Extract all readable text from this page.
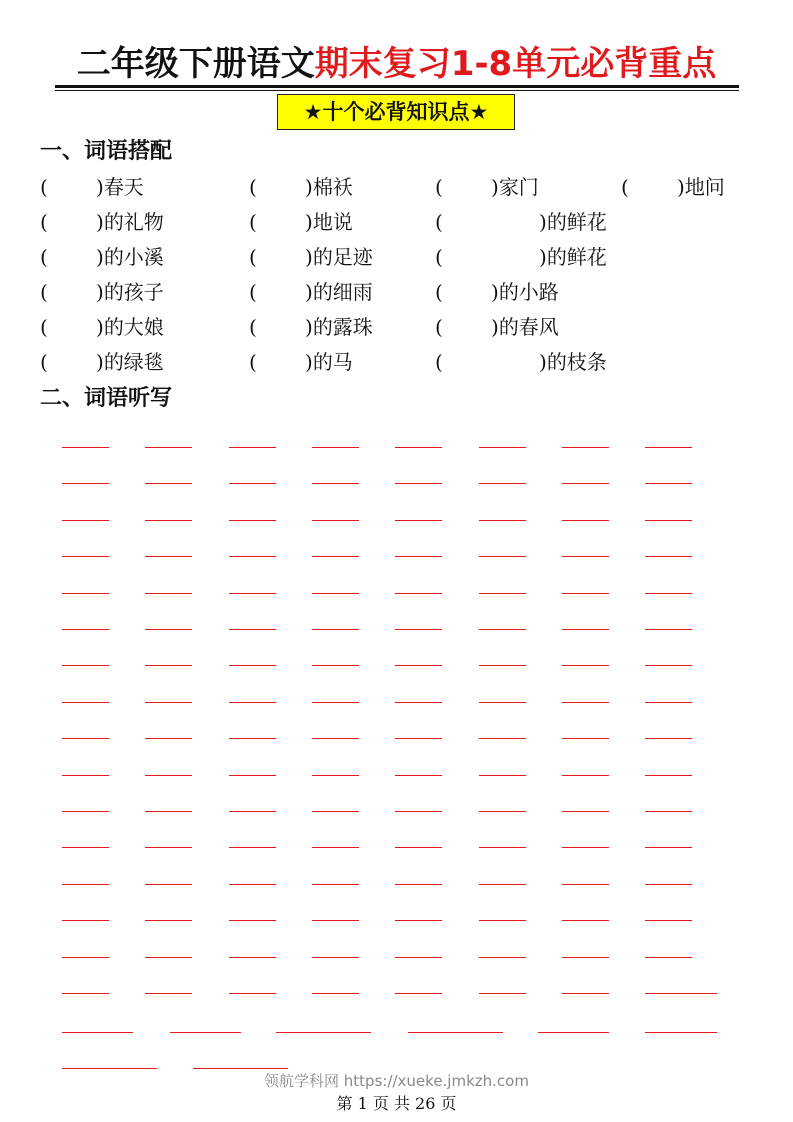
二年级下册语文期末复习1-8单元必背重点
★十个必背知识点★
一、词语搭配
( )春天	( )棉袄	( )家门	( )地问
( )的礼物	( )地说	(	)的鲜花
( )的小溪	( )的足迹	(	)的鲜花
( )的孩子	( )的细雨	( )的小路
( )的大娘	( )的露珠	( )的春风
( )的绿毯	( )的马	(	)的枝条
二、词语听写
领航学科网 https://xueke.jmkzh.com
第 1 页 共 26 页
